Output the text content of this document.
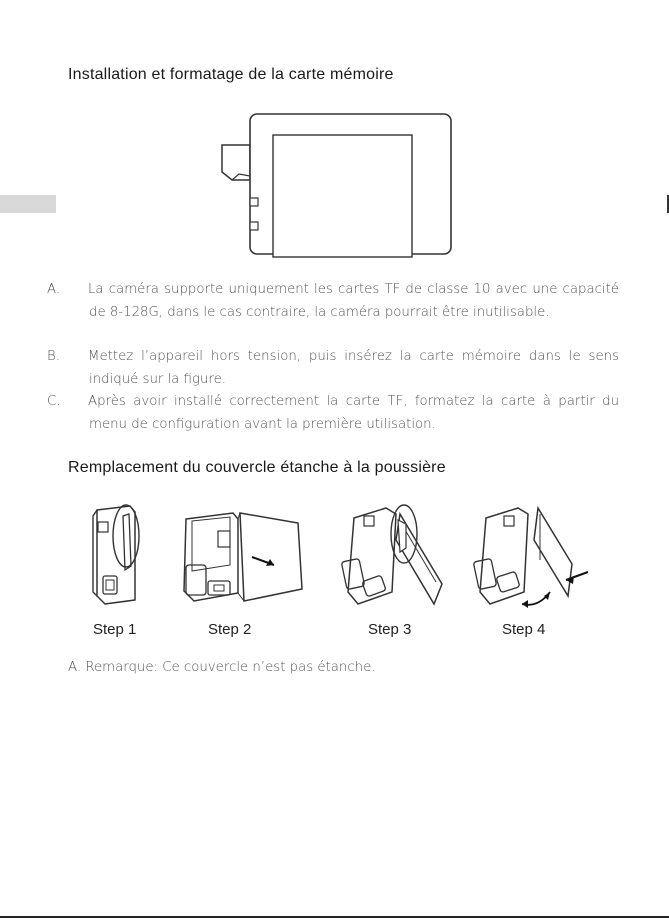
Installation et formatage de la carte mémoire

A. La caméra supporte uniquement les cartes TF de classe 10 avec une capacité de 8-128G, dans le cas contraire, la caméra pourrait être inutilisable.

B. Mettez l’appareil hors tension, puis insérez la carte mémoire dans le sens indiqué sur la figure.

C. Après avoir installé correctement la carte TF, formatez la carte à partir du menu de configuration avant la première utilisation.

Remplacement du couvercle étanche à la poussière
Step 1	Step 2	Step 3	Step 4

A. Remarque: Ce couvercle n’est pas étanche.
